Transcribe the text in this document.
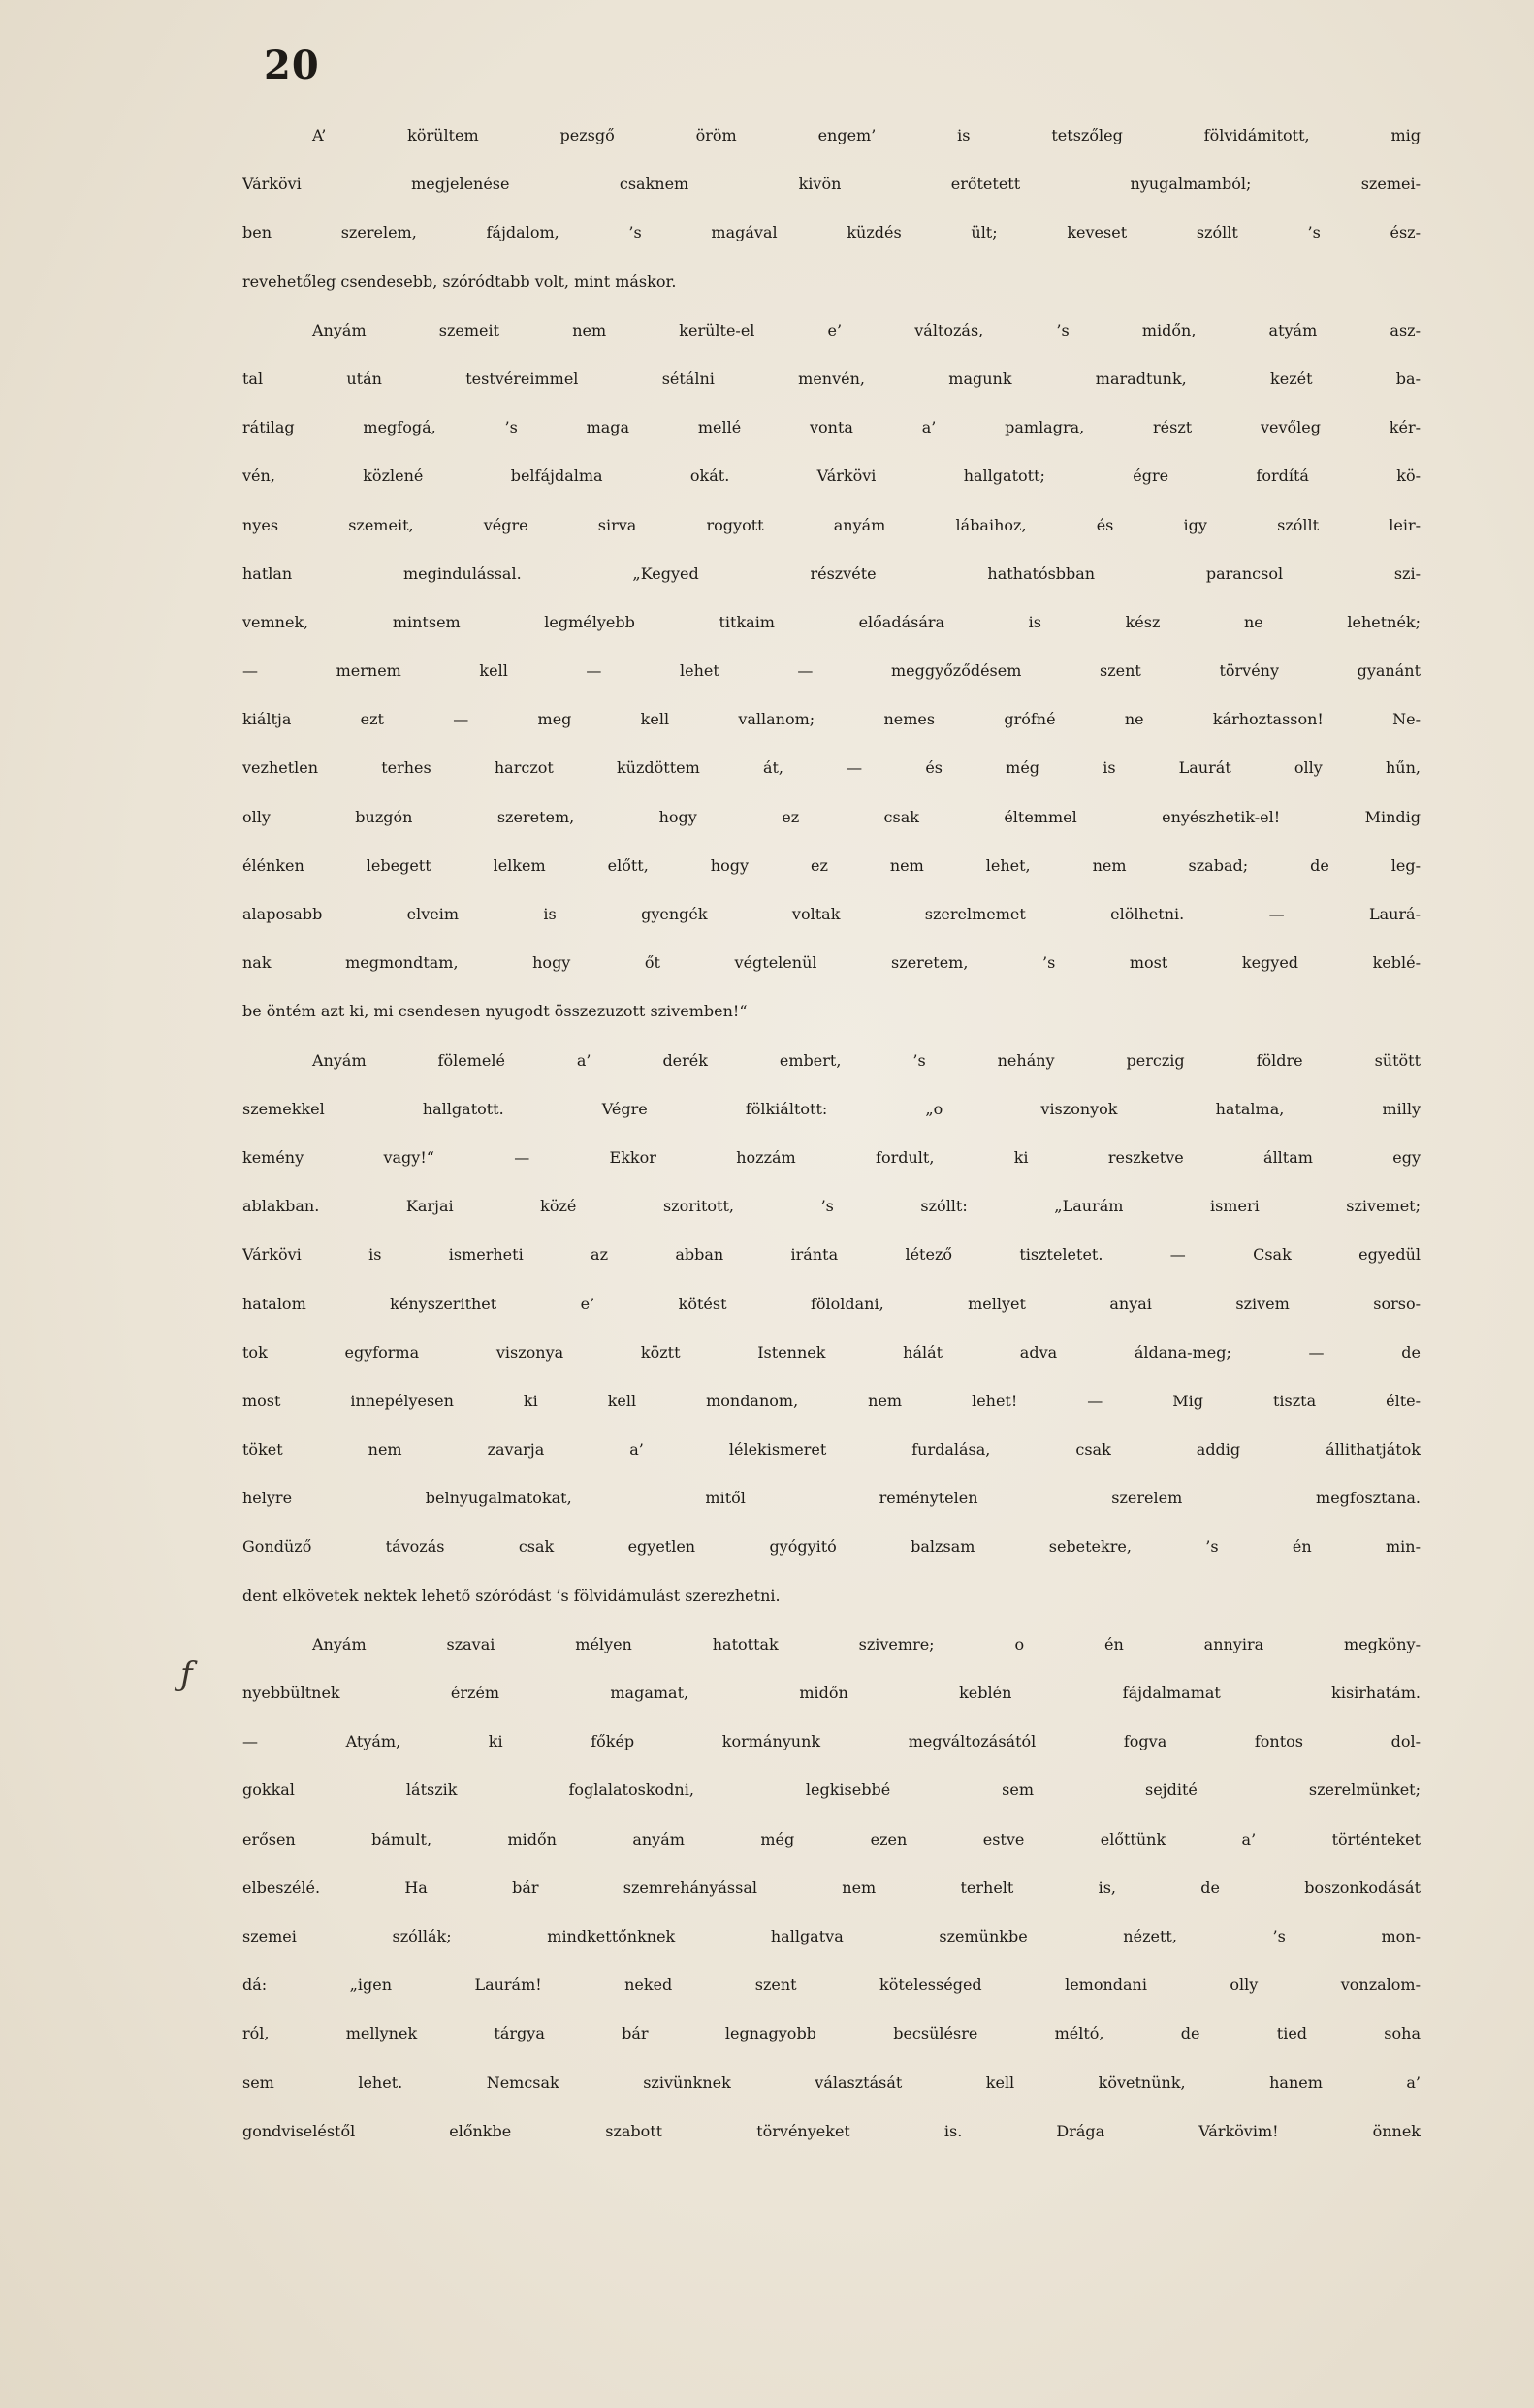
20
ƒ
A’ körültem pezsgő öröm engem’ is tetszőleg fölvidámitott, mig
Várkövi megjelenése csaknem kivön erőtetett nyugalmamból; szemei-
ben szerelem, fájdalom, ’s magával küzdés ült; keveset szóllt ’s ész-
revehetőleg csendesebb, szóródtabb volt, mint máskor.
Anyám szemeit nem kerülte-el e’ változás, ’s midőn, atyám asz-
tal után testvéreimmel sétálni menvén, magunk maradtunk, kezét ba-
rátilag megfogá, ’s maga mellé vonta a’ pamlagra, részt vevőleg kér-
vén, közlené belfájdalma okát. Várkövi hallgatott; égre fordítá kö-
nyes szemeit, végre sirva rogyott anyám lábaihoz, és igy szóllt leir-
hatlan megindulással. „Kegyed részvéte hathatósbban parancsol szi-
vemnek, mintsem legmélyebb titkaim előadására is kész ne lehetnék;
— mernem kell — lehet — meggyőződésem szent törvény gyanánt
kiáltja ezt — meg kell vallanom; nemes grófné ne kárhoztasson! Ne-
vezhetlen terhes harczot küzdöttem át, — és még is Laurát olly hűn,
olly buzgón szeretem, hogy ez csak éltemmel enyészhetik-el! Mindig
élénken lebegett lelkem előtt, hogy ez nem lehet, nem szabad; de leg-
alaposabb elveim is gyengék voltak szerelmemet elölhetni. — Laurá-
nak megmondtam, hogy őt végtelenül szeretem, ’s most kegyed keblé-
be öntém azt ki, mi csendesen nyugodt összezuzott szivemben!“
Anyám fölemelé a’ derék embert, ’s nehány perczig földre sütött
szemekkel hallgatott. Végre fölkiáltott: „o viszonyok hatalma, milly
kemény vagy!“ — Ekkor hozzám fordult, ki reszketve álltam egy
ablakban. Karjai közé szoritott, ’s szóllt: „Laurám ismeri szivemet;
Várkövi is ismerheti az abban iránta létező tiszteletet. — Csak egyedül
hatalom kényszerithet e’ kötést föloldani, mellyet anyai szivem sorso-
tok egyforma viszonya köztt Istennek hálát adva áldana-meg; — de
most innepélyesen ki kell mondanom, nem lehet! — Mig tiszta élte-
töket nem zavarja a’ lélekismeret furdalása, csak addig állithatjátok
helyre belnyugalmatokat, mitől reménytelen szerelem megfosztana.
Gondüző távozás csak egyetlen gyógyitó balzsam sebetekre, ’s én min-
dent elkövetek nektek lehető szóródást ’s fölvidámulást szerezhetni.
Anyám szavai mélyen hatottak szivemre; o én annyira megköny-
nyebbültnek érzém magamat, midőn keblén fájdalmamat kisirhatám.
— Atyám, ki főkép kormányunk megváltozásától fogva fontos dol-
gokkal látszik foglalatoskodni, legkisebbé sem sejdité szerelmünket;
erősen bámult, midőn anyám még ezen estve előttünk a’ történteket
elbeszélé. Ha bár szemrehányással nem terhelt is, de boszonkodását
szemei szóllák; mindkettőnknek hallgatva szemünkbe nézett, ’s mon-
dá: „igen Laurám! neked szent kötelességed lemondani olly vonzalom-
ról, mellynek tárgya bár legnagyobb becsülésre méltó, de tied soha
sem lehet. Nemcsak szivünknek választását kell követnünk, hanem a’
gondviseléstől előnkbe szabott törvényeket is. Drága Várkövim! önnek
